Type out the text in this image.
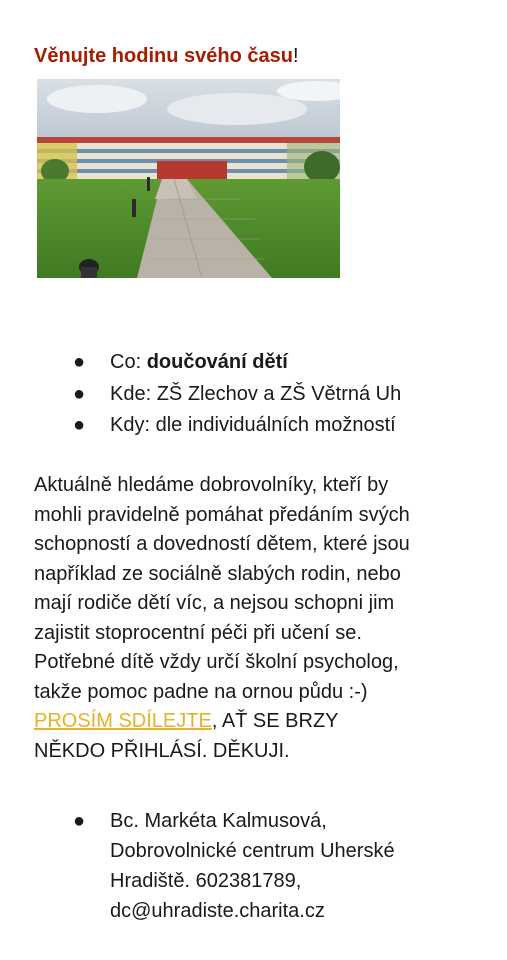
Věnujte hodinu svého času!
● Co: doučování dětí
● Kde: ZŠ Zlechov a ZŠ Větrná Uh
● Kdy: dle individuálních možností
Aktuálně hledáme dobrovolníky, kteří by
mohli pravidelně pomáhat předáním svých
schopností a dovedností dětem, které jsou
například ze sociálně slabých rodin, nebo
mají rodiče dětí víc, a nejsou schopni jim
zajistit stoprocentní péči při učení se.
Potřebné dítě vždy určí školní psycholog,
takže pomoc padne na ornou půdu :-)
PROSÍM SDÍLEJTE, AŤ SE BRZY
NĚKDO PŘIHLÁSÍ. DĚKUJI.
● Bc. Markéta Kalmusová,
Dobrovolnické centrum Uherské
Hradiště. 602381789,
dc@uhradiste.charita.cz
